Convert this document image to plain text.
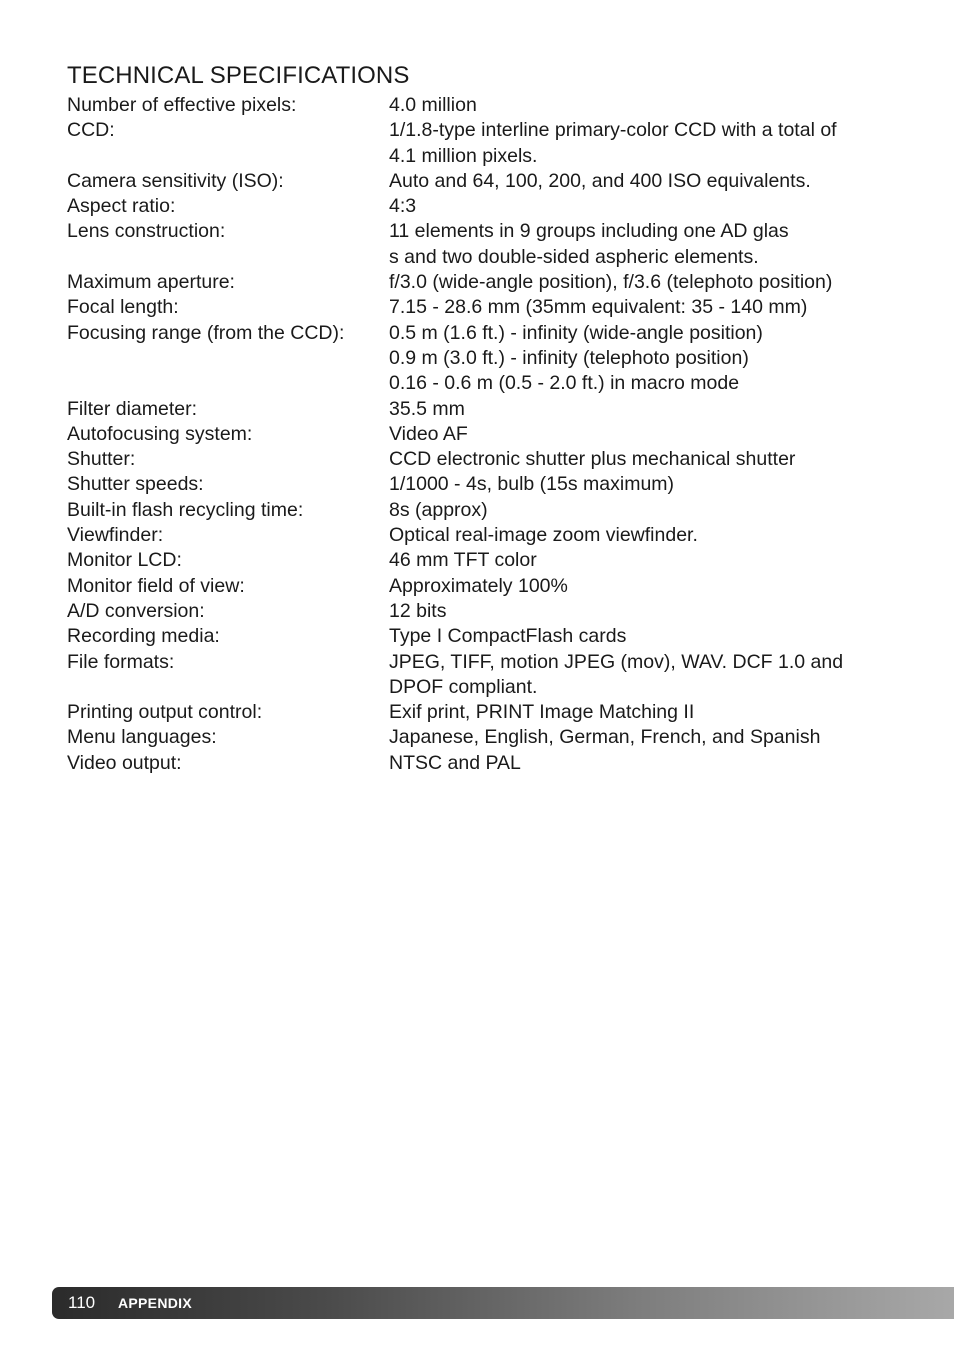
TECHNICAL SPECIFICATIONS
Number of effective pixels:	4.0 million
CCD:	1/1.8-type interline primary-color CCD with a total of
4.1 million pixels.
Camera sensitivity (ISO):	Auto and 64, 100, 200, and 400 ISO equivalents.
Aspect ratio:	4:3
Lens construction:	11 elements in 9 groups including one AD glas
s and two double-sided aspheric elements.
Maximum aperture:	f/3.0 (wide-angle position), f/3.6 (telephoto position)
Focal length:	7.15 - 28.6 mm (35mm equivalent: 35 - 140 mm)
Focusing range (from the CCD):	0.5 m (1.6 ft.) - infinity (wide-angle position)
0.9 m (3.0 ft.) - infinity (telephoto position)
0.16 - 0.6 m (0.5 - 2.0 ft.) in macro mode
Filter diameter:	35.5 mm
Autofocusing system:	Video AF
Shutter:	CCD electronic shutter plus mechanical shutter
Shutter speeds:	1/1000 - 4s, bulb (15s maximum)
Built-in flash recycling time:	8s (approx)
Viewfinder:	Optical real-image zoom viewfinder.
Monitor LCD:	46 mm TFT color
Monitor field of view:	Approximately 100%
A/D conversion:	12 bits
Recording media:	Type I CompactFlash cards
File formats:	JPEG, TIFF, motion JPEG (mov), WAV. DCF 1.0 and
DPOF compliant.
Printing output control:	Exif print, PRINT Image Matching II
Menu languages:	Japanese, English, German, French, and Spanish
Video output:	NTSC and PAL
110 APPENDIX
